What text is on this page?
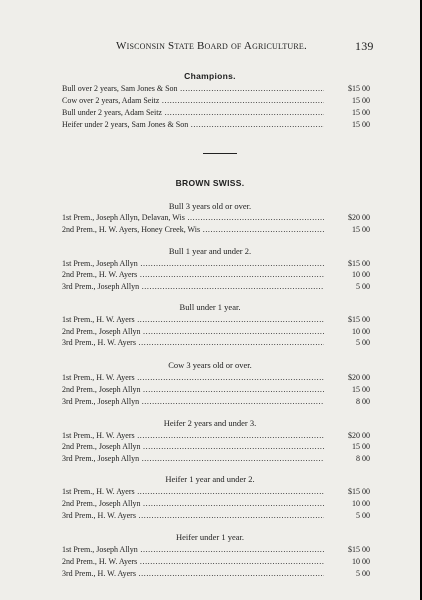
Wisconsin State Board of Agriculture.	139
Champions.
Bull over 2 years, Sam Jones & Son .....	$15 00
Cow over 2 years, Adam Seitz .....	15 00
Bull under 2 years, Adam Seitz .....	15 00
Heifer under 2 years, Sam Jones & Son .....	15 00
BROWN SWISS.
Bull 3 years old or over.
1st Prem., Joseph Allyn, Delavan, Wis .....	$20 00
2nd Prem., H. W. Ayers, Honey Creek, Wis .....	15 00
Bull 1 year and under 2.
1st Prem., Joseph Allyn .....	$15 00
2nd Prem., H. W. Ayers .....	10 00
3rd Prem., Joseph Allyn .....	5 00
Bull under 1 year.
1st Prem., H. W. Ayers .....	$15 00
2nd Prem., Joseph Allyn .....	10 00
3rd Prem., H. W. Ayers .....	5 00
Cow 3 years old or over.
1st Prem., H. W. Ayers .....	$20 00
2nd Prem., Joseph Allyn .....	15 00
3rd Prem., Joseph Allyn .....	8 00
Heifer 2 years and under 3.
1st Prem., H. W. Ayers .....	$20 00
2nd Prem., Joseph Allyn .....	15 00
3rd Prem., Joseph Allyn .....	8 00
Heifer 1 year and under 2.
1st Prem., H. W. Ayers .....	$15 00
2nd Prem., Joseph Allyn .....	10 00
3rd Prem., H. W. Ayers .....	5 00
Heifer under 1 year.
1st Prem., Joseph Allyn .....	$15 00
2nd Prem., H. W. Ayers .....	10 00
3rd Prem., H. W. Ayers .....	5 00
